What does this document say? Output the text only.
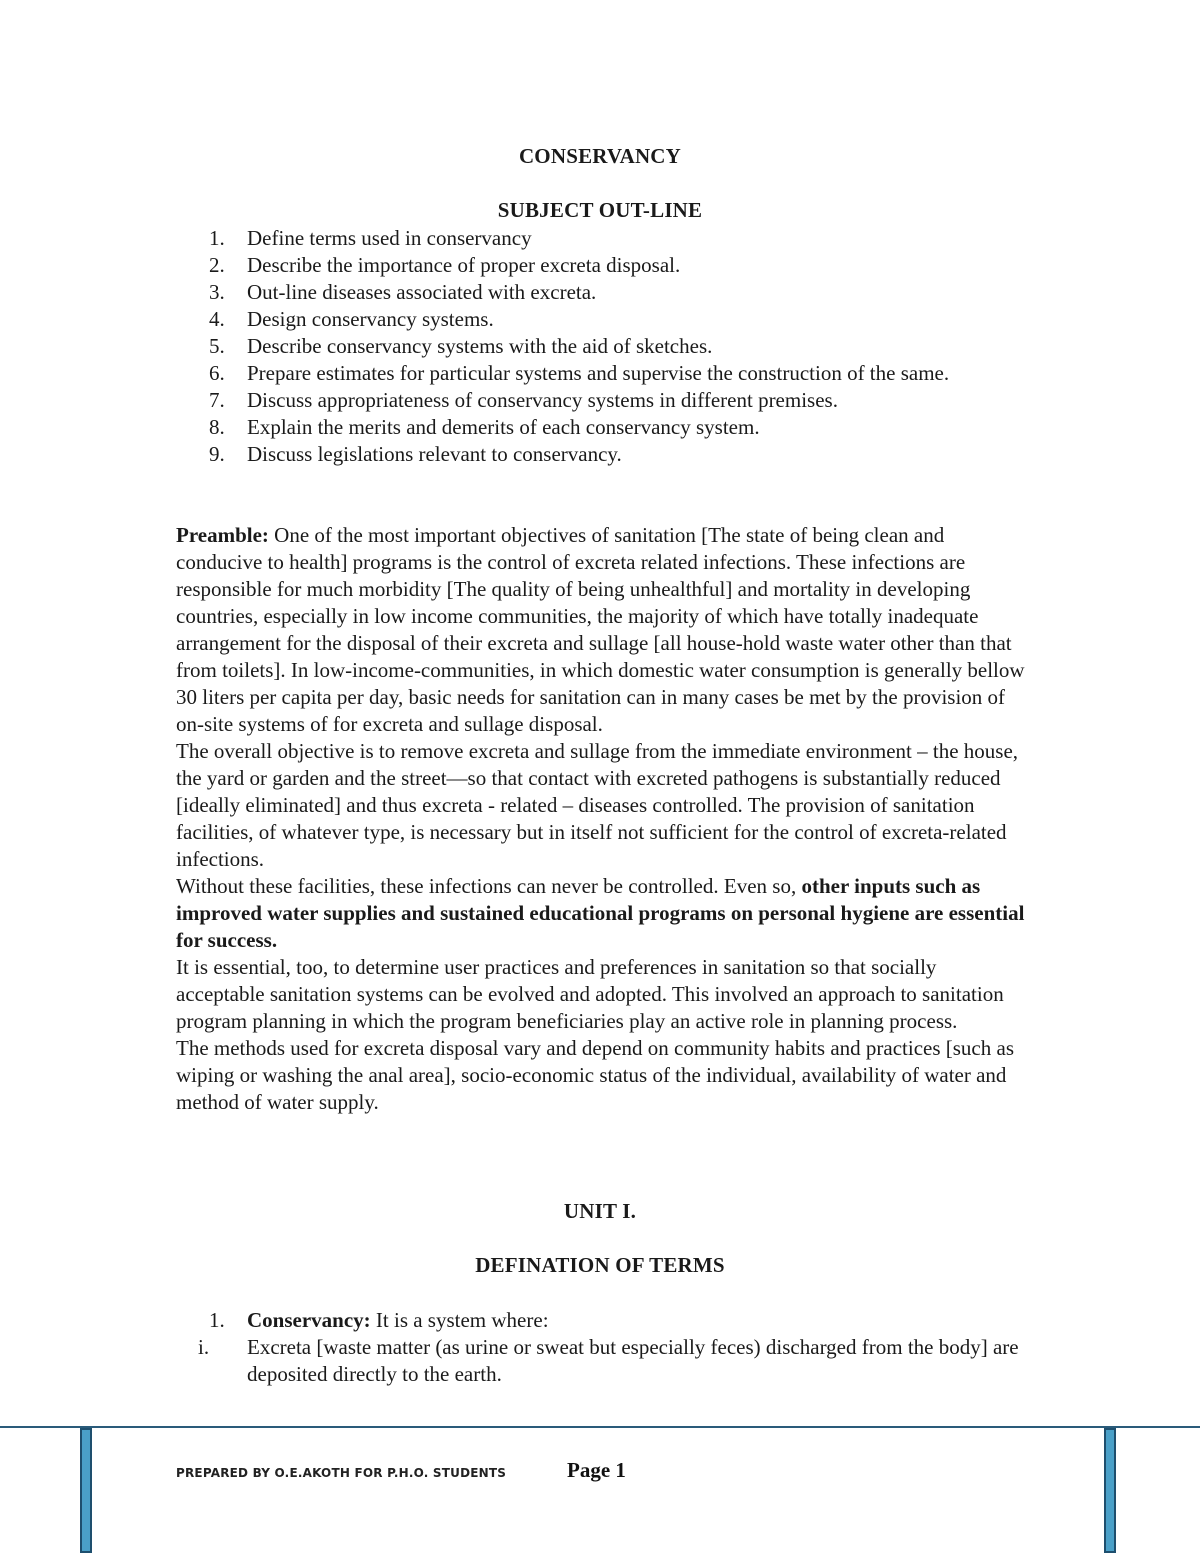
CONSERVANCY
SUBJECT OUT-LINE
1. Define terms used in conservancy
2. Describe the importance of proper excreta disposal.
3. Out-line diseases associated with excreta.
4. Design conservancy systems.
5. Describe conservancy systems with the aid of sketches.
6. Prepare estimates for particular systems and supervise the construction of the same.
7. Discuss appropriateness of conservancy systems in different premises.
8. Explain the merits and demerits of each conservancy system.
9. Discuss legislations relevant to conservancy.

Preamble: One of the most important objectives of sanitation [The state of being clean and conducive to health] programs is the control of excreta related infections. These infections are responsible for much morbidity [The quality of being unhealthful] and mortality in developing countries, especially in low income communities, the majority of which have totally inadequate arrangement for the disposal of their excreta and sullage [all house-hold waste water other than that from toilets]. In low-income-communities, in which domestic water consumption is generally bellow 30 liters per capita per day, basic needs for sanitation can in many cases be met by the provision of on-site systems of for excreta and sullage disposal.

The overall objective is to remove excreta and sullage from the immediate environment – the house, the yard or garden and the street—so that contact with excreted pathogens is substantially reduced [ideally eliminated] and thus excreta - related – diseases controlled. The provision of sanitation facilities, of whatever type, is necessary but in itself not sufficient for the control of excreta-related infections.

Without these facilities, these infections can never be controlled. Even so, other inputs such as improved water supplies and sustained educational programs on personal hygiene are essential for success.

It is essential, too, to determine user practices and preferences in sanitation so that socially acceptable sanitation systems can be evolved and adopted. This involved an approach to sanitation program planning in which the program beneficiaries play an active role in planning process.

The methods used for excreta disposal vary and depend on community habits and practices [such as wiping or washing the anal area], socio-economic status of the individual, availability of water and method of water supply.

UNIT I.
DEFINATION OF TERMS
1. Conservancy: It is a system where:
i. Excreta [waste matter (as urine or sweat but especially feces) discharged from the body] are deposited directly to the earth.
PREPARED BY O.E.AKOTH FOR P.H.O. STUDENTS	Page 1
